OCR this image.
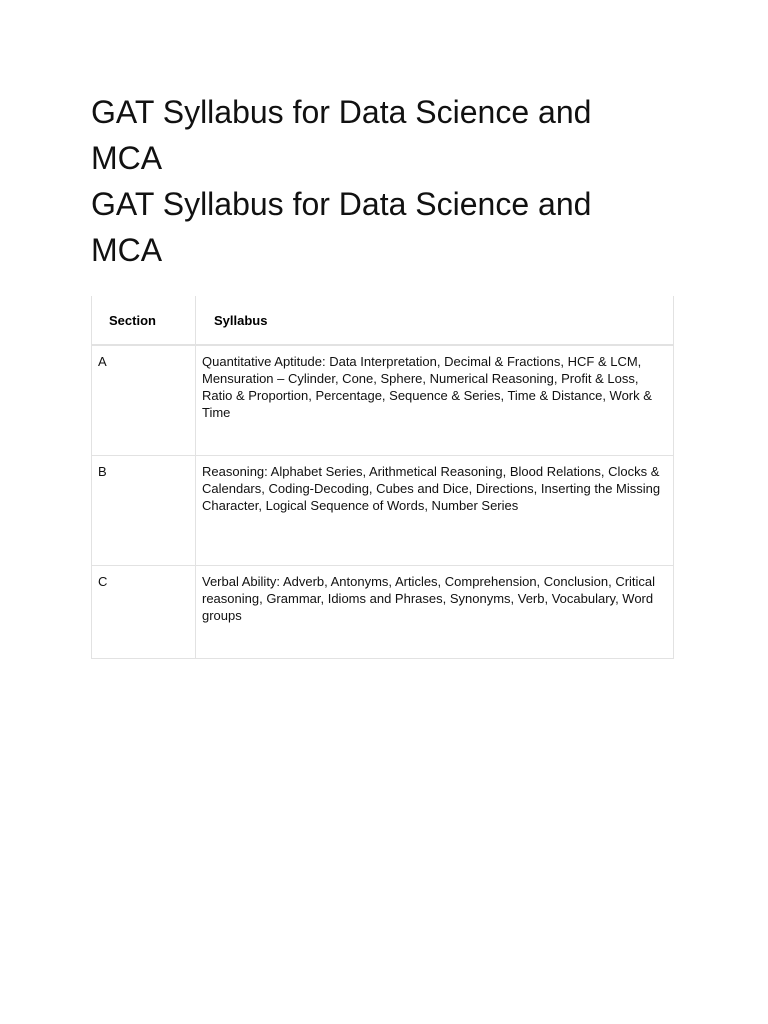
GAT Syllabus for Data Science and MCA
GAT Syllabus for Data Science and MCA
Section	Syllabus
A	Quantitative Aptitude: Data Interpretation, Decimal & Fractions, HCF & LCM, Mensuration – Cylinder, Cone, Sphere, Numerical Reasoning, Profit & Loss, Ratio & Proportion, Percentage, Sequence & Series, Time & Distance, Work & Time
B	Reasoning: Alphabet Series, Arithmetical Reasoning, Blood Relations, Clocks & Calendars, Coding-Decoding, Cubes and Dice, Directions, Inserting the Missing Character, Logical Sequence of Words, Number Series
C	Verbal Ability: Adverb, Antonyms, Articles, Comprehension, Conclusion, Critical reasoning, Grammar, Idioms and Phrases, Synonyms, Verb, Vocabulary, Word groups
